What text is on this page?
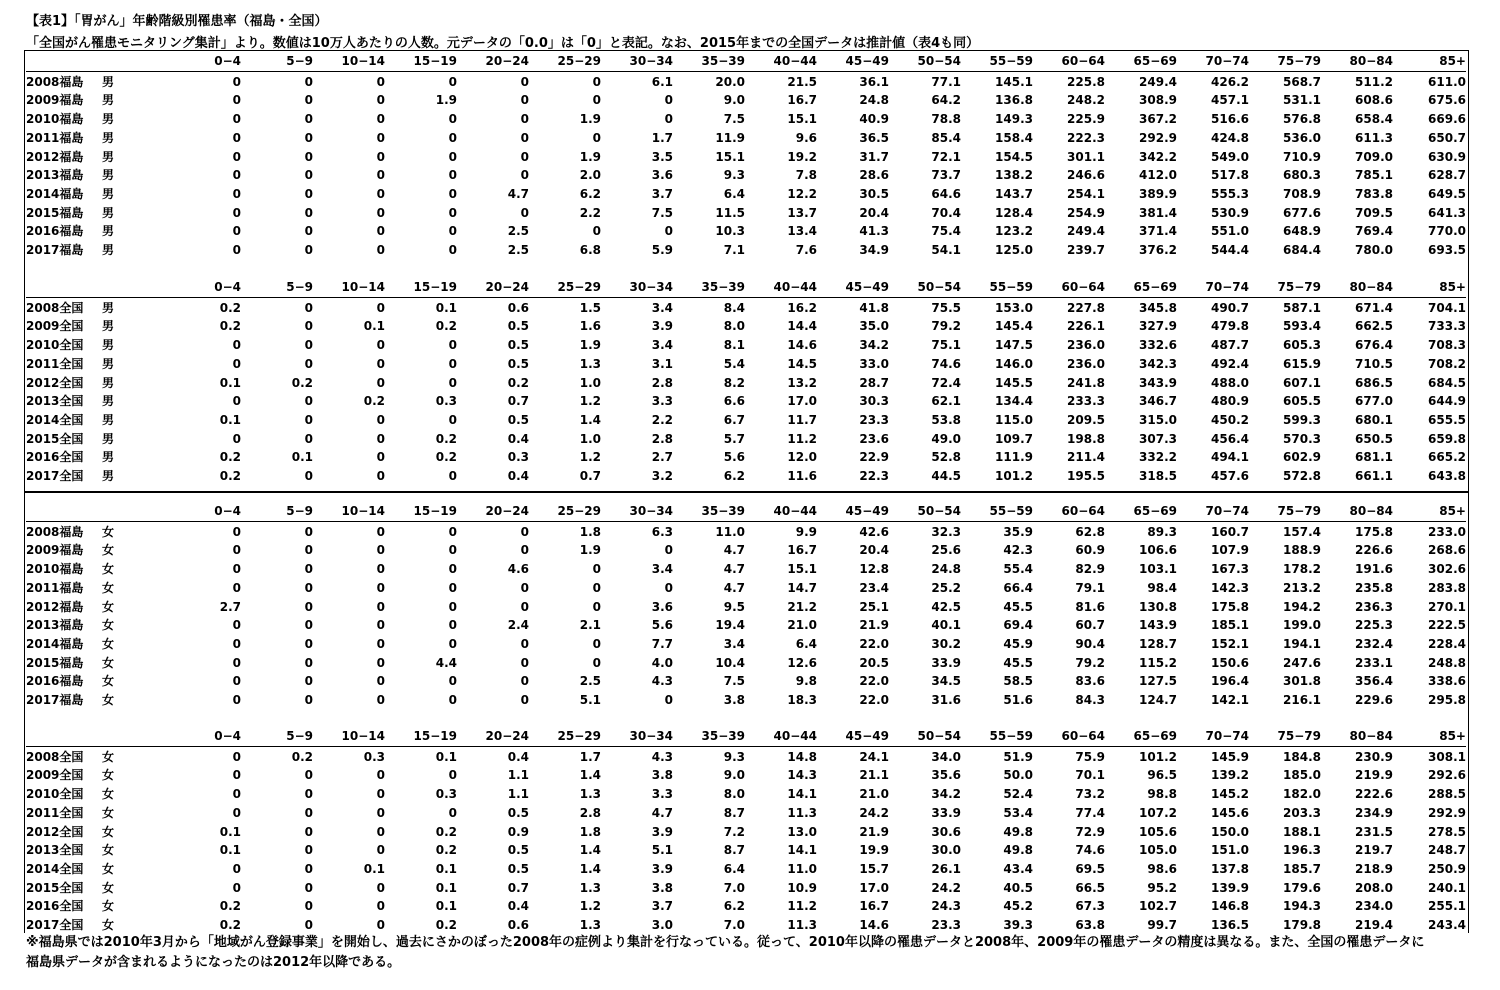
【表1】「胃がん」年齢階級別罹患率（福島・全国）
「全国がん罹患モニタリング集計」より。数値は10万人あたりの人数。元データの「0.0」は「0」と表記。なお、2015年までの全国データは推計値（表4も同）
0−4	5−9	10−14	15−19	20−24	25−29	30−34	35−39	40−44	45−49	50−54	55−59	60−64	65−69	70−74	75−79	80−84	85+
2008福島	男	0	0	0	0	0	0	6.1	20.0	21.5	36.1	77.1	145.1	225.8	249.4	426.2	568.7	511.2	611.0
2009福島	男	0	0	0	1.9	0	0	0	9.0	16.7	24.8	64.2	136.8	248.2	308.9	457.1	531.1	608.6	675.6
2010福島	男	0	0	0	0	0	1.9	0	7.5	15.1	40.9	78.8	149.3	225.9	367.2	516.6	576.8	658.4	669.6
2011福島	男	0	0	0	0	0	0	1.7	11.9	9.6	36.5	85.4	158.4	222.3	292.9	424.8	536.0	611.3	650.7
2012福島	男	0	0	0	0	0	1.9	3.5	15.1	19.2	31.7	72.1	154.5	301.1	342.2	549.0	710.9	709.0	630.9
2013福島	男	0	0	0	0	0	2.0	3.6	9.3	7.8	28.6	73.7	138.2	246.6	412.0	517.8	680.3	785.1	628.7
2014福島	男	0	0	0	0	4.7	6.2	3.7	6.4	12.2	30.5	64.6	143.7	254.1	389.9	555.3	708.9	783.8	649.5
2015福島	男	0	0	0	0	0	2.2	7.5	11.5	13.7	20.4	70.4	128.4	254.9	381.4	530.9	677.6	709.5	641.3
2016福島	男	0	0	0	0	2.5	0	0	10.3	13.4	41.3	75.4	123.2	249.4	371.4	551.0	648.9	769.4	770.0
2017福島	男	0	0	0	0	2.5	6.8	5.9	7.1	7.6	34.9	54.1	125.0	239.7	376.2	544.4	684.4	780.0	693.5
0−4	5−9	10−14	15−19	20−24	25−29	30−34	35−39	40−44	45−49	50−54	55−59	60−64	65−69	70−74	75−79	80−84	85+
2008全国	男	0.2	0	0	0.1	0.6	1.5	3.4	8.4	16.2	41.8	75.5	153.0	227.8	345.8	490.7	587.1	671.4	704.1
2009全国	男	0.2	0	0.1	0.2	0.5	1.6	3.9	8.0	14.4	35.0	79.2	145.4	226.1	327.9	479.8	593.4	662.5	733.3
2010全国	男	0	0	0	0	0.5	1.9	3.4	8.1	14.6	34.2	75.1	147.5	236.0	332.6	487.7	605.3	676.4	708.3
2011全国	男	0	0	0	0	0.5	1.3	3.1	5.4	14.5	33.0	74.6	146.0	236.0	342.3	492.4	615.9	710.5	708.2
2012全国	男	0.1	0.2	0	0	0.2	1.0	2.8	8.2	13.2	28.7	72.4	145.5	241.8	343.9	488.0	607.1	686.5	684.5
2013全国	男	0	0	0.2	0.3	0.7	1.2	3.3	6.6	17.0	30.3	62.1	134.4	233.3	346.7	480.9	605.5	677.0	644.9
2014全国	男	0.1	0	0	0	0.5	1.4	2.2	6.7	11.7	23.3	53.8	115.0	209.5	315.0	450.2	599.3	680.1	655.5
2015全国	男	0	0	0	0.2	0.4	1.0	2.8	5.7	11.2	23.6	49.0	109.7	198.8	307.3	456.4	570.3	650.5	659.8
2016全国	男	0.2	0.1	0	0.2	0.3	1.2	2.7	5.6	12.0	22.9	52.8	111.9	211.4	332.2	494.1	602.9	681.1	665.2
2017全国	男	0.2	0	0	0	0.4	0.7	3.2	6.2	11.6	22.3	44.5	101.2	195.5	318.5	457.6	572.8	661.1	643.8
0−4	5−9	10−14	15−19	20−24	25−29	30−34	35−39	40−44	45−49	50−54	55−59	60−64	65−69	70−74	75−79	80−84	85+
2008福島	女	0	0	0	0	0	1.8	6.3	11.0	9.9	42.6	32.3	35.9	62.8	89.3	160.7	157.4	175.8	233.0
2009福島	女	0	0	0	0	0	1.9	0	4.7	16.7	20.4	25.6	42.3	60.9	106.6	107.9	188.9	226.6	268.6
2010福島	女	0	0	0	0	4.6	0	3.4	4.7	15.1	12.8	24.8	55.4	82.9	103.1	167.3	178.2	191.6	302.6
2011福島	女	0	0	0	0	0	0	0	4.7	14.7	23.4	25.2	66.4	79.1	98.4	142.3	213.2	235.8	283.8
2012福島	女	2.7	0	0	0	0	0	3.6	9.5	21.2	25.1	42.5	45.5	81.6	130.8	175.8	194.2	236.3	270.1
2013福島	女	0	0	0	0	2.4	2.1	5.6	19.4	21.0	21.9	40.1	69.4	60.7	143.9	185.1	199.0	225.3	222.5
2014福島	女	0	0	0	0	0	0	7.7	3.4	6.4	22.0	30.2	45.9	90.4	128.7	152.1	194.1	232.4	228.4
2015福島	女	0	0	0	4.4	0	0	4.0	10.4	12.6	20.5	33.9	45.5	79.2	115.2	150.6	247.6	233.1	248.8
2016福島	女	0	0	0	0	0	2.5	4.3	7.5	9.8	22.0	34.5	58.5	83.6	127.5	196.4	301.8	356.4	338.6
2017福島	女	0	0	0	0	0	5.1	0	3.8	18.3	22.0	31.6	51.6	84.3	124.7	142.1	216.1	229.6	295.8
0−4	5−9	10−14	15−19	20−24	25−29	30−34	35−39	40−44	45−49	50−54	55−59	60−64	65−69	70−74	75−79	80−84	85+
2008全国	女	0	0.2	0.3	0.1	0.4	1.7	4.3	9.3	14.8	24.1	34.0	51.9	75.9	101.2	145.9	184.8	230.9	308.1
2009全国	女	0	0	0	0	1.1	1.4	3.8	9.0	14.3	21.1	35.6	50.0	70.1	96.5	139.2	185.0	219.9	292.6
2010全国	女	0	0	0	0.3	1.1	1.3	3.3	8.0	14.1	21.0	34.2	52.4	73.2	98.8	145.2	182.0	222.6	288.5
2011全国	女	0	0	0	0	0.5	2.8	4.7	8.7	11.3	24.2	33.9	53.4	77.4	107.2	145.6	203.3	234.9	292.9
2012全国	女	0.1	0	0	0.2	0.9	1.8	3.9	7.2	13.0	21.9	30.6	49.8	72.9	105.6	150.0	188.1	231.5	278.5
2013全国	女	0.1	0	0	0.2	0.5	1.4	5.1	8.7	14.1	19.9	30.0	49.8	74.6	105.0	151.0	196.3	219.7	248.7
2014全国	女	0	0	0.1	0.1	0.5	1.4	3.9	6.4	11.0	15.7	26.1	43.4	69.5	98.6	137.8	185.7	218.9	250.9
2015全国	女	0	0	0	0.1	0.7	1.3	3.8	7.0	10.9	17.0	24.2	40.5	66.5	95.2	139.9	179.6	208.0	240.1
2016全国	女	0.2	0	0	0.1	0.4	1.2	3.7	6.2	11.2	16.7	24.3	45.2	67.3	102.7	146.8	194.3	234.0	255.1
2017全国	女	0.2	0	0	0.2	0.6	1.3	3.0	7.0	11.3	14.6	23.3	39.3	63.8	99.7	136.5	179.8	219.4	243.4
※福島県では2010年3月から「地域がん登録事業」を開始し、過去にさかのぼった2008年の症例より集計を行なっている。従って、2010年以降の罹患データと2008年、2009年の罹患データの精度は異なる。また、全国の罹患データに
福島県データが含まれるようになったのは2012年以降である。
